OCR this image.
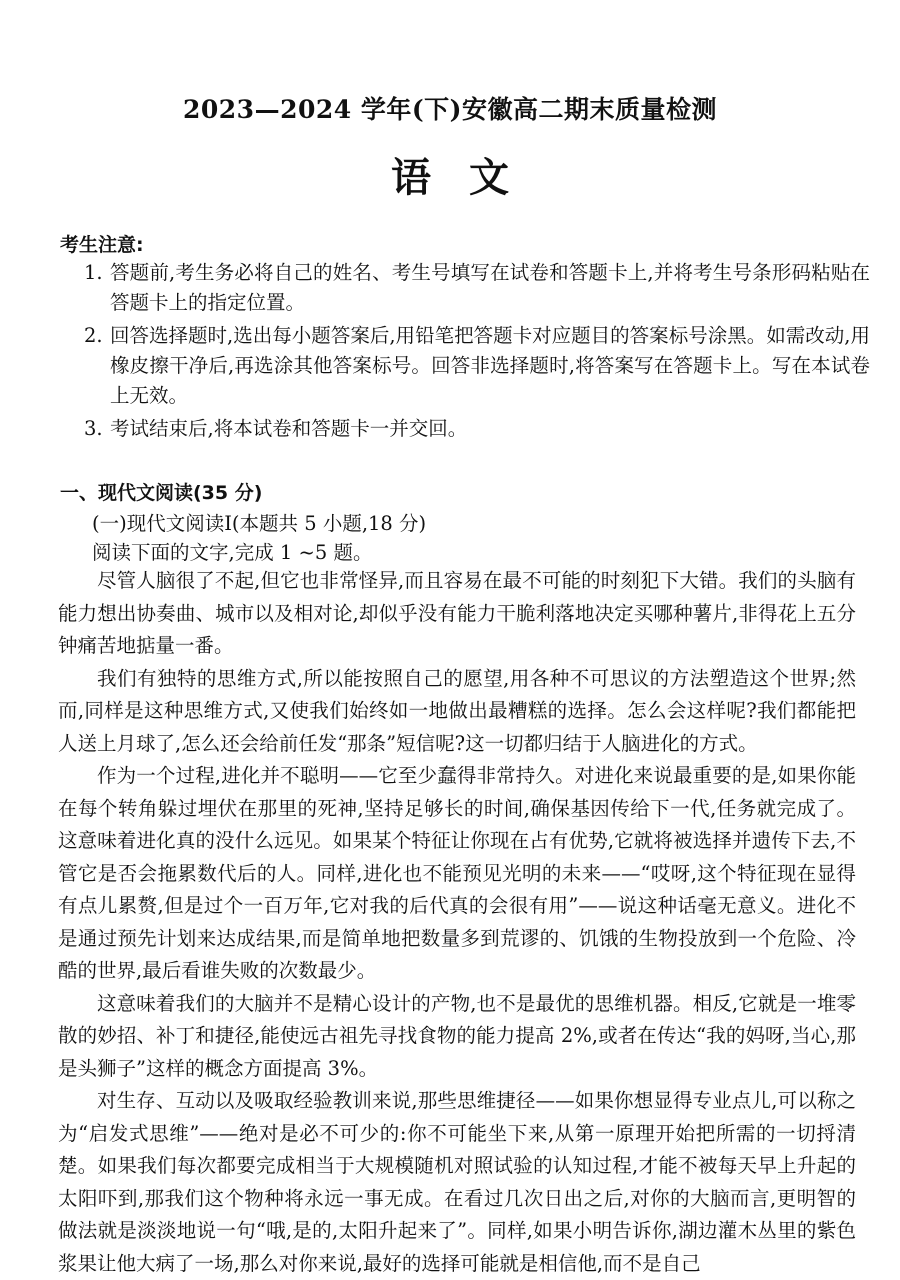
2023—2024 学年(下)安徽高二期末质量检测
语文
考生注意:
1. 答题前,考生务必将自己的姓名、考生号填写在试卷和答题卡上,并将考生号条形码粘贴在答题卡上的指定位置。
2. 回答选择题时,选出每小题答案后,用铅笔把答题卡对应题目的答案标号涂黑。如需改动,用橡皮擦干净后,再选涂其他答案标号。回答非选择题时,将答案写在答题卡上。写在本试卷上无效。
3. 考试结束后,将本试卷和答题卡一并交回。
一、现代文阅读(35 分)
(一)现代文阅读Ⅰ(本题共 5 小题,18 分)
阅读下面的文字,完成 1 ~5 题。

尽管人脑很了不起,但它也非常怪异,而且容易在最不可能的时刻犯下大错。我们的头脑有能力想出协奏曲、城市以及相对论,却似乎没有能力干脆利落地决定买哪种薯片,非得花上五分钟痛苦地掂量一番。

我们有独特的思维方式,所以能按照自己的愿望,用各种不可思议的方法塑造这个世界;然而,同样是这种思维方式,又使我们始终如一地做出最糟糕的选择。怎么会这样呢?我们都能把人送上月球了,怎么还会给前任发“那条”短信呢?这一切都归结于人脑进化的方式。

作为一个过程,进化并不聪明——它至少蠢得非常持久。对进化来说最重要的是,如果你能在每个转角躲过埋伏在那里的死神,坚持足够长的时间,确保基因传给下一代,任务就完成了。这意味着进化真的没什么远见。如果某个特征让你现在占有优势,它就将被选择并遗传下去,不管它是否会拖累数代后的人。同样,进化也不能预见光明的未来——“哎呀,这个特征现在显得有点儿累赘,但是过个一百万年,它对我的后代真的会很有用”——说这种话毫无意义。进化不是通过预先计划来达成结果,而是简单地把数量多到荒谬的、饥饿的生物投放到一个危险、冷酷的世界,最后看谁失败的次数最少。

这意味着我们的大脑并不是精心设计的产物,也不是最优的思维机器。相反,它就是一堆零散的妙招、补丁和捷径,能使远古祖先寻找食物的能力提高 2%,或者在传达“我的妈呀,当心,那是头狮子”这样的概念方面提高 3%。

对生存、互动以及吸取经验教训来说,那些思维捷径——如果你想显得专业点儿,可以称之为“启发式思维”——绝对是必不可少的:你不可能坐下来,从第一原理开始把所需的一切捋清楚。如果我们每次都要完成相当于大规模随机对照试验的认知过程,才能不被每天早上升起的太阳吓到,那我们这个物种将永远一事无成。在看过几次日出之后,对你的大脑而言,更明智的做法就是淡淡地说一句“哦,是的,太阳升起来了”。同样,如果小明告诉你,湖边灌木丛里的紫色浆果让他大病了一场,那么对你来说,最好的选择可能就是相信他,而不是自己
